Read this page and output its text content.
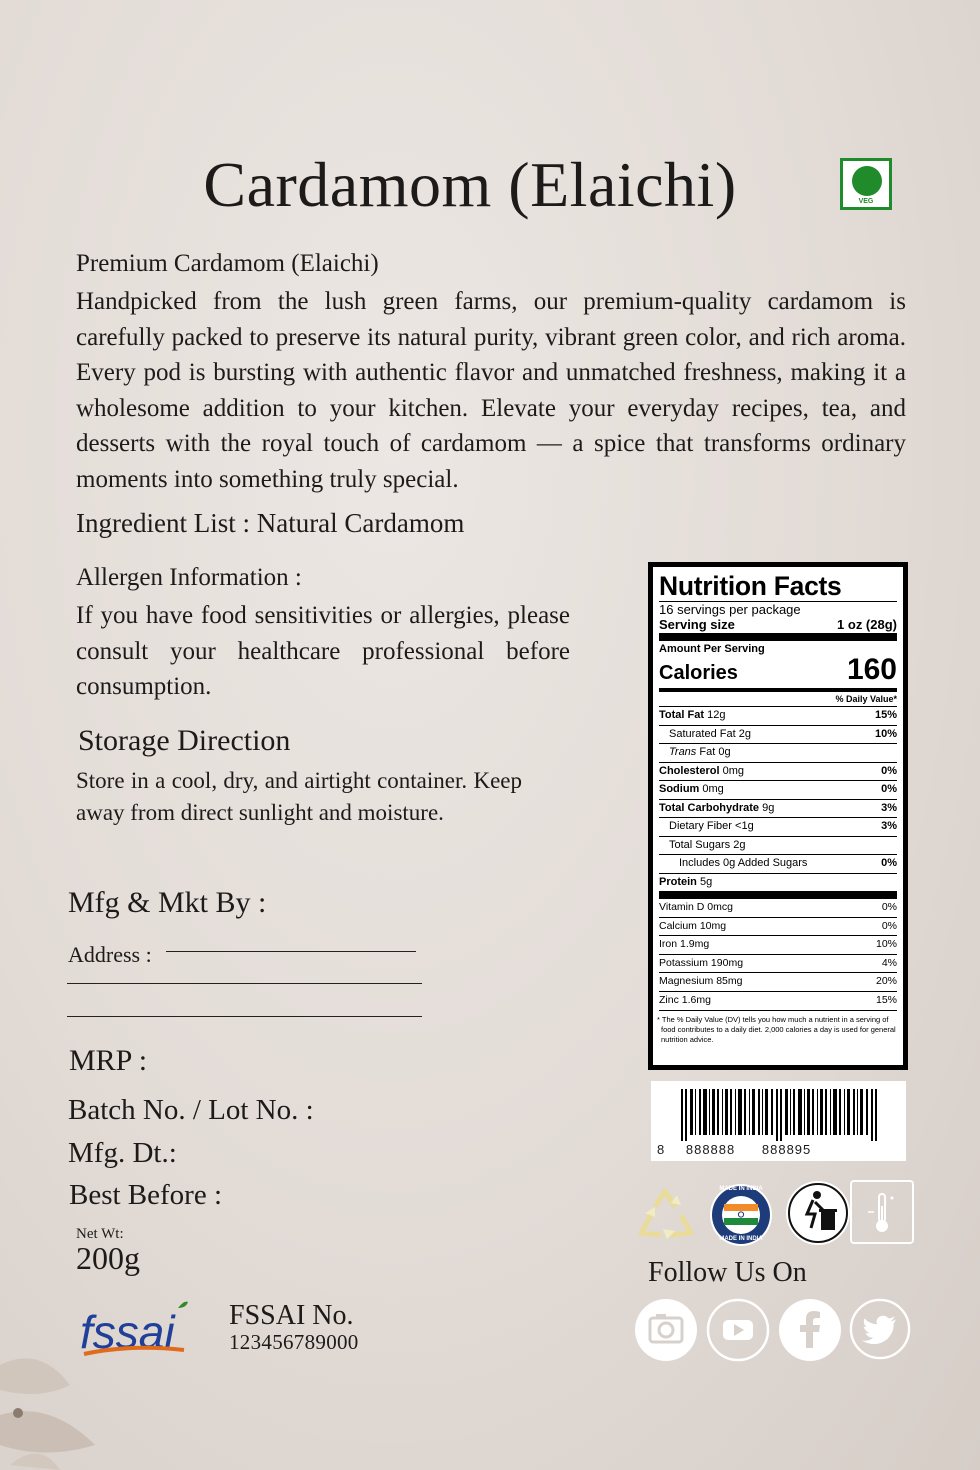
Cardamom (Elaichi)	VEG
Premium Cardamom (Elaichi)
Handpicked from the lush green farms, our premium-quality cardamom is carefully packed to preserve its natural purity, vibrant green color, and rich aroma. Every pod is bursting with authentic flavor and unmatched freshness, making it a wholesome addition to your kitchen. Elevate your everyday recipes, tea, and desserts with the royal touch of cardamom — a spice that transforms ordinary moments into something truly special.
Ingredient List : Natural Cardamom
Allergen Information :
If you have food sensitivities or allergies, please consult your healthcare professional before consumption.
Storage Direction
Store in a cool, dry, and airtight container. Keep away from direct sunlight and moisture.
Mfg & Mkt By :
Address :
MRP :
Batch No. / Lot No. :
Mfg. Dt.:
Best Before :
Net Wt:
200g
fssai FSSAI No.
123456789000
Nutrition Facts
16 servings per package
Serving size	1 oz (28g)
Amount Per Serving
Calories	160
% Daily Value*
Total Fat 12g	15%
Saturated Fat 2g	10%
Trans Fat 0g
Cholesterol 0mg	0%
Sodium 0mg	0%
Total Carbohydrate 9g	3%
Dietary Fiber <1g	3%
Total Sugars 2g
Includes 0g Added Sugars	0%
Protein 5g
Vitamin D 0mcg	0%
Calcium 10mg	0%
Iron 1.9mg	10%
Potassium 190mg	4%
Magnesium 85mg	20%
Zinc 1.6mg	15%
* The % Daily Value (DV) tells you how much a nutrient in a serving of food contributes to a daily diet. 2,000 calories a day is used for general nutrition advice.
8 888888 888895
MADE IN INDIA
MADE IN INDIA
Follow Us On
